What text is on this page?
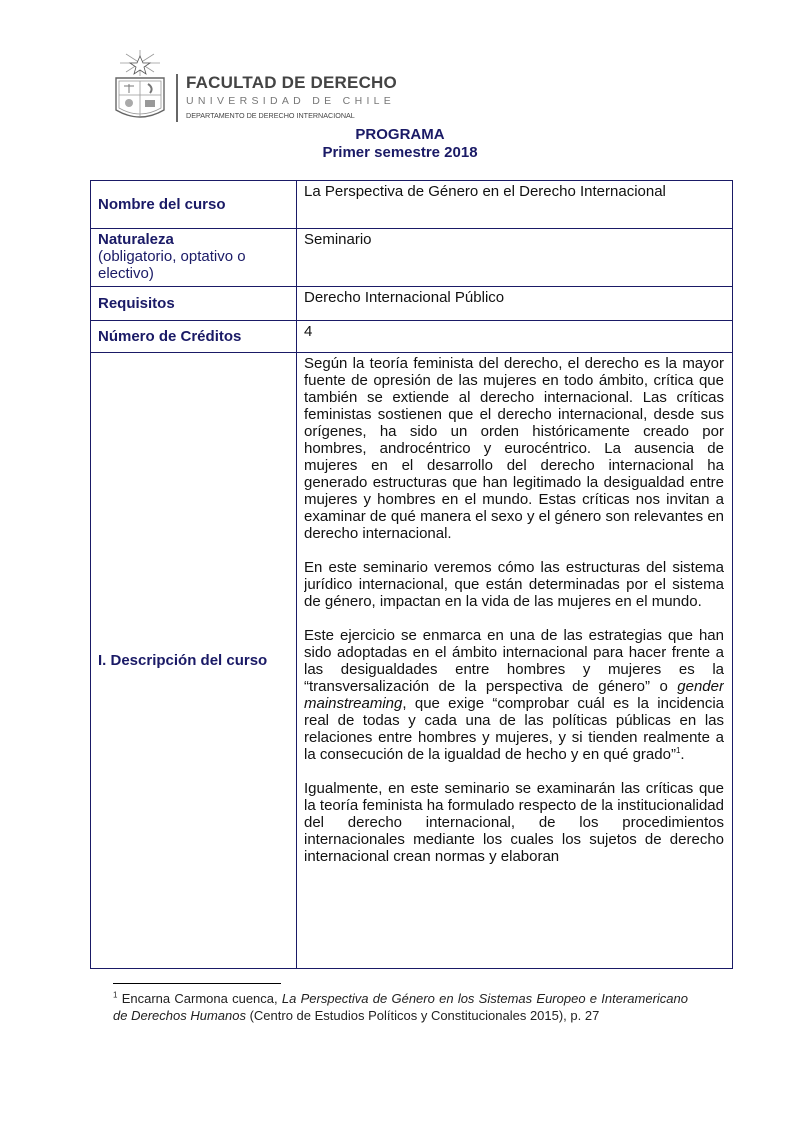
FACULTAD DE DERECHO
UNIVERSIDAD DE CHILE
DEPARTAMENTO DE DERECHO INTERNACIONAL
PROGRAMA
Primer semestre 2018
Nombre del curso	La Perspectiva de Género en el Derecho Internacional

Naturaleza
(obligatorio, optativo o electivo)	Seminario
Requisitos	Derecho Internacional Público
Número de Créditos	4
I. Descripción del curso	Según la teoría feminista del derecho, el derecho es la mayor fuente de opresión de las mujeres en todo ámbito, crítica que también se extiende al derecho internacional. Las críticas feministas sostienen que el derecho internacional, desde sus orígenes, ha sido un orden históricamente creado por hombres, androcéntrico y eurocéntrico. La ausencia de mujeres en el desarrollo del derecho internacional ha generado estructuras que han legitimado la desigualdad entre mujeres y hombres en el mundo. Estas críticas nos invitan a examinar de qué manera el sexo y el género son relevantes en derecho internacional.

En este seminario veremos cómo las estructuras del sistema jurídico internacional, que están determinadas por el sistema de género, impactan en la vida de las mujeres en el mundo.

Este ejercicio se enmarca en una de las estrategias que han sido adoptadas en el ámbito internacional para hacer frente a las desigualdades entre hombres y mujeres es la “transversalización de la perspectiva de género” o gender mainstreaming, que exige “comprobar cuál es la incidencia real de todas y cada una de las políticas públicas en las relaciones entre hombres y mujeres, y si tienden realmente a la consecución de la igualdad de hecho y en qué grado”$^1$.

Igualmente, en este seminario se examinarán las críticas que la teoría feminista ha formulado respecto de la institucionalidad del derecho internacional, de los procedimientos internacionales mediante los cuales los sujetos de derecho internacional crean normas y elaboran

$^1$ Encarna Carmona cuenca, La Perspectiva de Género en los Sistemas Europeo e Interamericano de Derechos Humanos (Centro de Estudios Políticos y Constitucionales 2015), p. 27
